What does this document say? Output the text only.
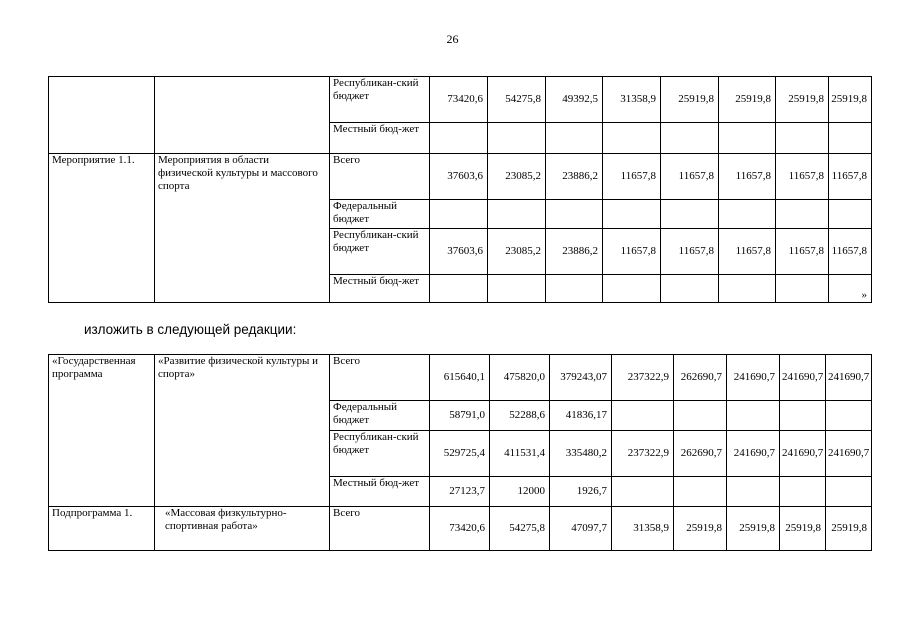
26
		Республикан-ский бюджет	73420,6	54275,8	49392,5	31358,9	25919,8	25919,8	25919,8	25919,8
		Местный бюд-жет								
Мероприятие 1.1.	Мероприятия в области физической культуры и массового спорта	Всего	37603,6	23085,2	23886,2	11657,8	11657,8	11657,8	11657,8	11657,8
		Федеральный бюджет								
		Республикан-ский бюджет	37603,6	23085,2	23886,2	11657,8	11657,8	11657,8	11657,8	11657,8
		Местный бюд-жет								»
изложить в следующей редакции:
«Государственная программа	«Развитие физической культуры и спорта»	Всего	615640,1	475820,0	379243,07	237322,9	262690,7	241690,7	241690,7	241690,7
		Федеральный бюджет	58791,0	52288,6	41836,17					
		Республикан-ский бюджет	529725,4	411531,4	335480,2	237322,9	262690,7	241690,7	241690,7	241690,7
		Местный бюд-жет	27123,7	12000	1926,7					
Подпрограмма 1.	«Массовая физкультурно-спортивная работа»	Всего	73420,6	54275,8	47097,7	31358,9	25919,8	25919,8	25919,8	25919,8
